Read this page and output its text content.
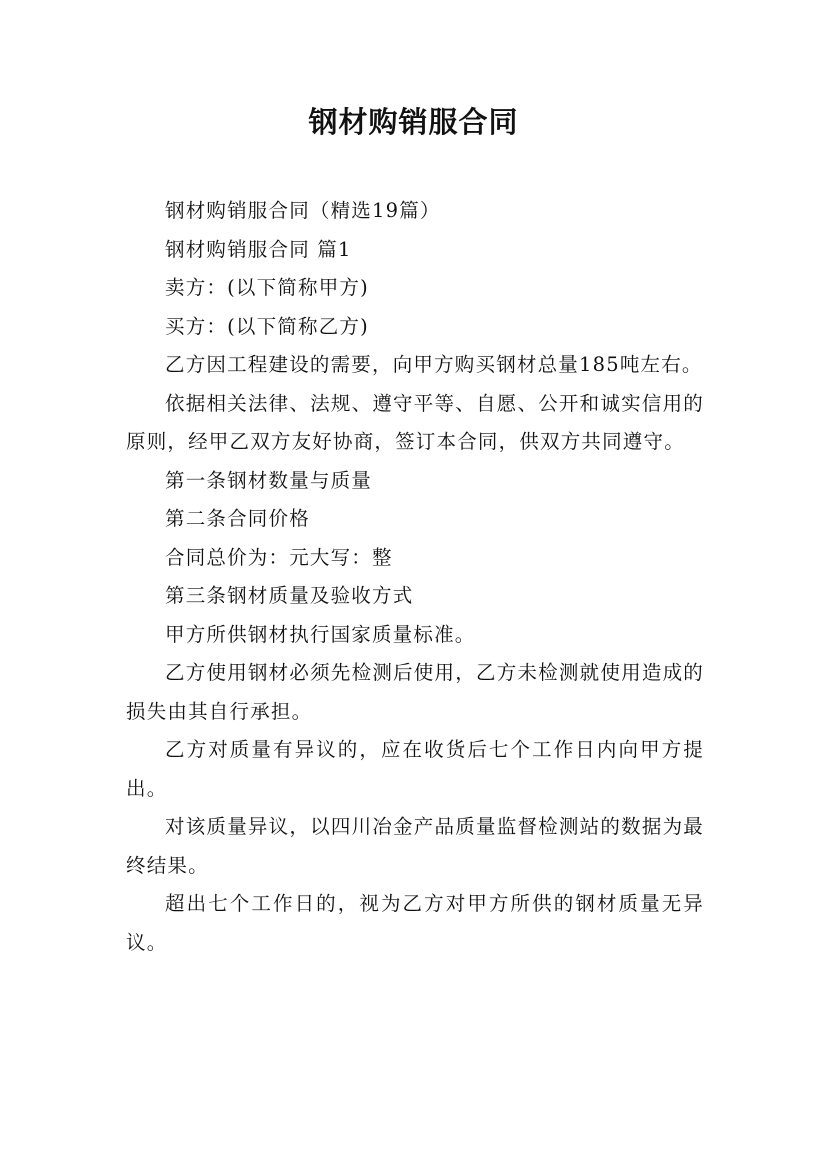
钢材购销服合同

钢材购销服合同（精选19篇）

钢材购销服合同 篇1

卖方：(以下简称甲方)

买方：(以下简称乙方)

乙方因工程建设的需要，向甲方购买钢材总量185吨左右。

依据相关法律、法规、遵守平等、自愿、公开和诚实信用的原则，经甲乙双方友好协商，签订本合同，供双方共同遵守。

第一条钢材数量与质量

第二条合同价格

合同总价为：元大写：整

第三条钢材质量及验收方式

甲方所供钢材执行国家质量标准。

乙方使用钢材必须先检测后使用，乙方未检测就使用造成的损失由其自行承担。

乙方对质量有异议的，应在收货后七个工作日内向甲方提出。

对该质量异议，以四川冶金产品质量监督检测站的数据为最终结果。

超出七个工作日的，视为乙方对甲方所供的钢材质量无异议。
